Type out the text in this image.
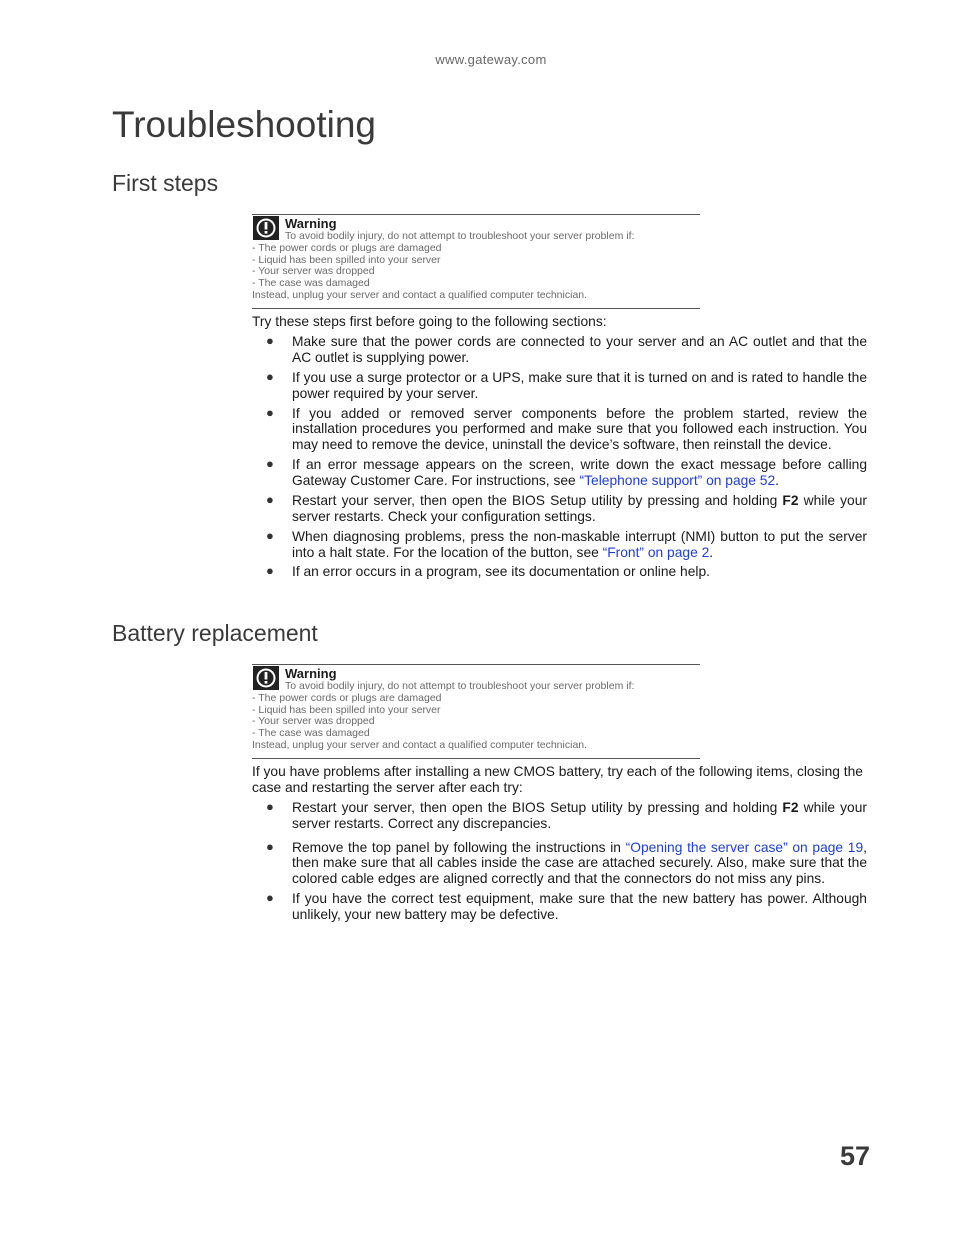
www.gateway.com
Troubleshooting
First steps
Warning
To avoid bodily injury, do not attempt to troubleshoot your server problem if:
- The power cords or plugs are damaged
- Liquid has been spilled into your server
- Your server was dropped
- The case was damaged
Instead, unplug your server and contact a qualified computer technician.
Try these steps first before going to the following sections:
● Make sure that the power cords are connected to your server and an AC outlet and that the AC outlet is supplying power.
● If you use a surge protector or a UPS, make sure that it is turned on and is rated to handle the power required by your server.
● If you added or removed server components before the problem started, review the installation procedures you performed and make sure that you followed each instruction. You may need to remove the device, uninstall the device’s software, then reinstall the device.
● If an error message appears on the screen, write down the exact message before calling Gateway Customer Care. For instructions, see “Telephone support” on page 52.
● Restart your server, then open the BIOS Setup utility by pressing and holding F2 while your server restarts. Check your configuration settings.
● When diagnosing problems, press the non-maskable interrupt (NMI) button to put the server into a halt state. For the location of the button, see “Front” on page 2.
● If an error occurs in a program, see its documentation or online help.
Battery replacement
Warning
To avoid bodily injury, do not attempt to troubleshoot your server problem if:
- The power cords or plugs are damaged
- Liquid has been spilled into your server
- Your server was dropped
- The case was damaged
Instead, unplug your server and contact a qualified computer technician.
If you have problems after installing a new CMOS battery, try each of the following items, closing the case and restarting the server after each try:
● Restart your server, then open the BIOS Setup utility by pressing and holding F2 while your server restarts. Correct any discrepancies.
● Remove the top panel by following the instructions in “Opening the server case” on page 19, then make sure that all cables inside the case are attached securely. Also, make sure that the colored cable edges are aligned correctly and that the connectors do not miss any pins.
● If you have the correct test equipment, make sure that the new battery has power. Although unlikely, your new battery may be defective.
57
